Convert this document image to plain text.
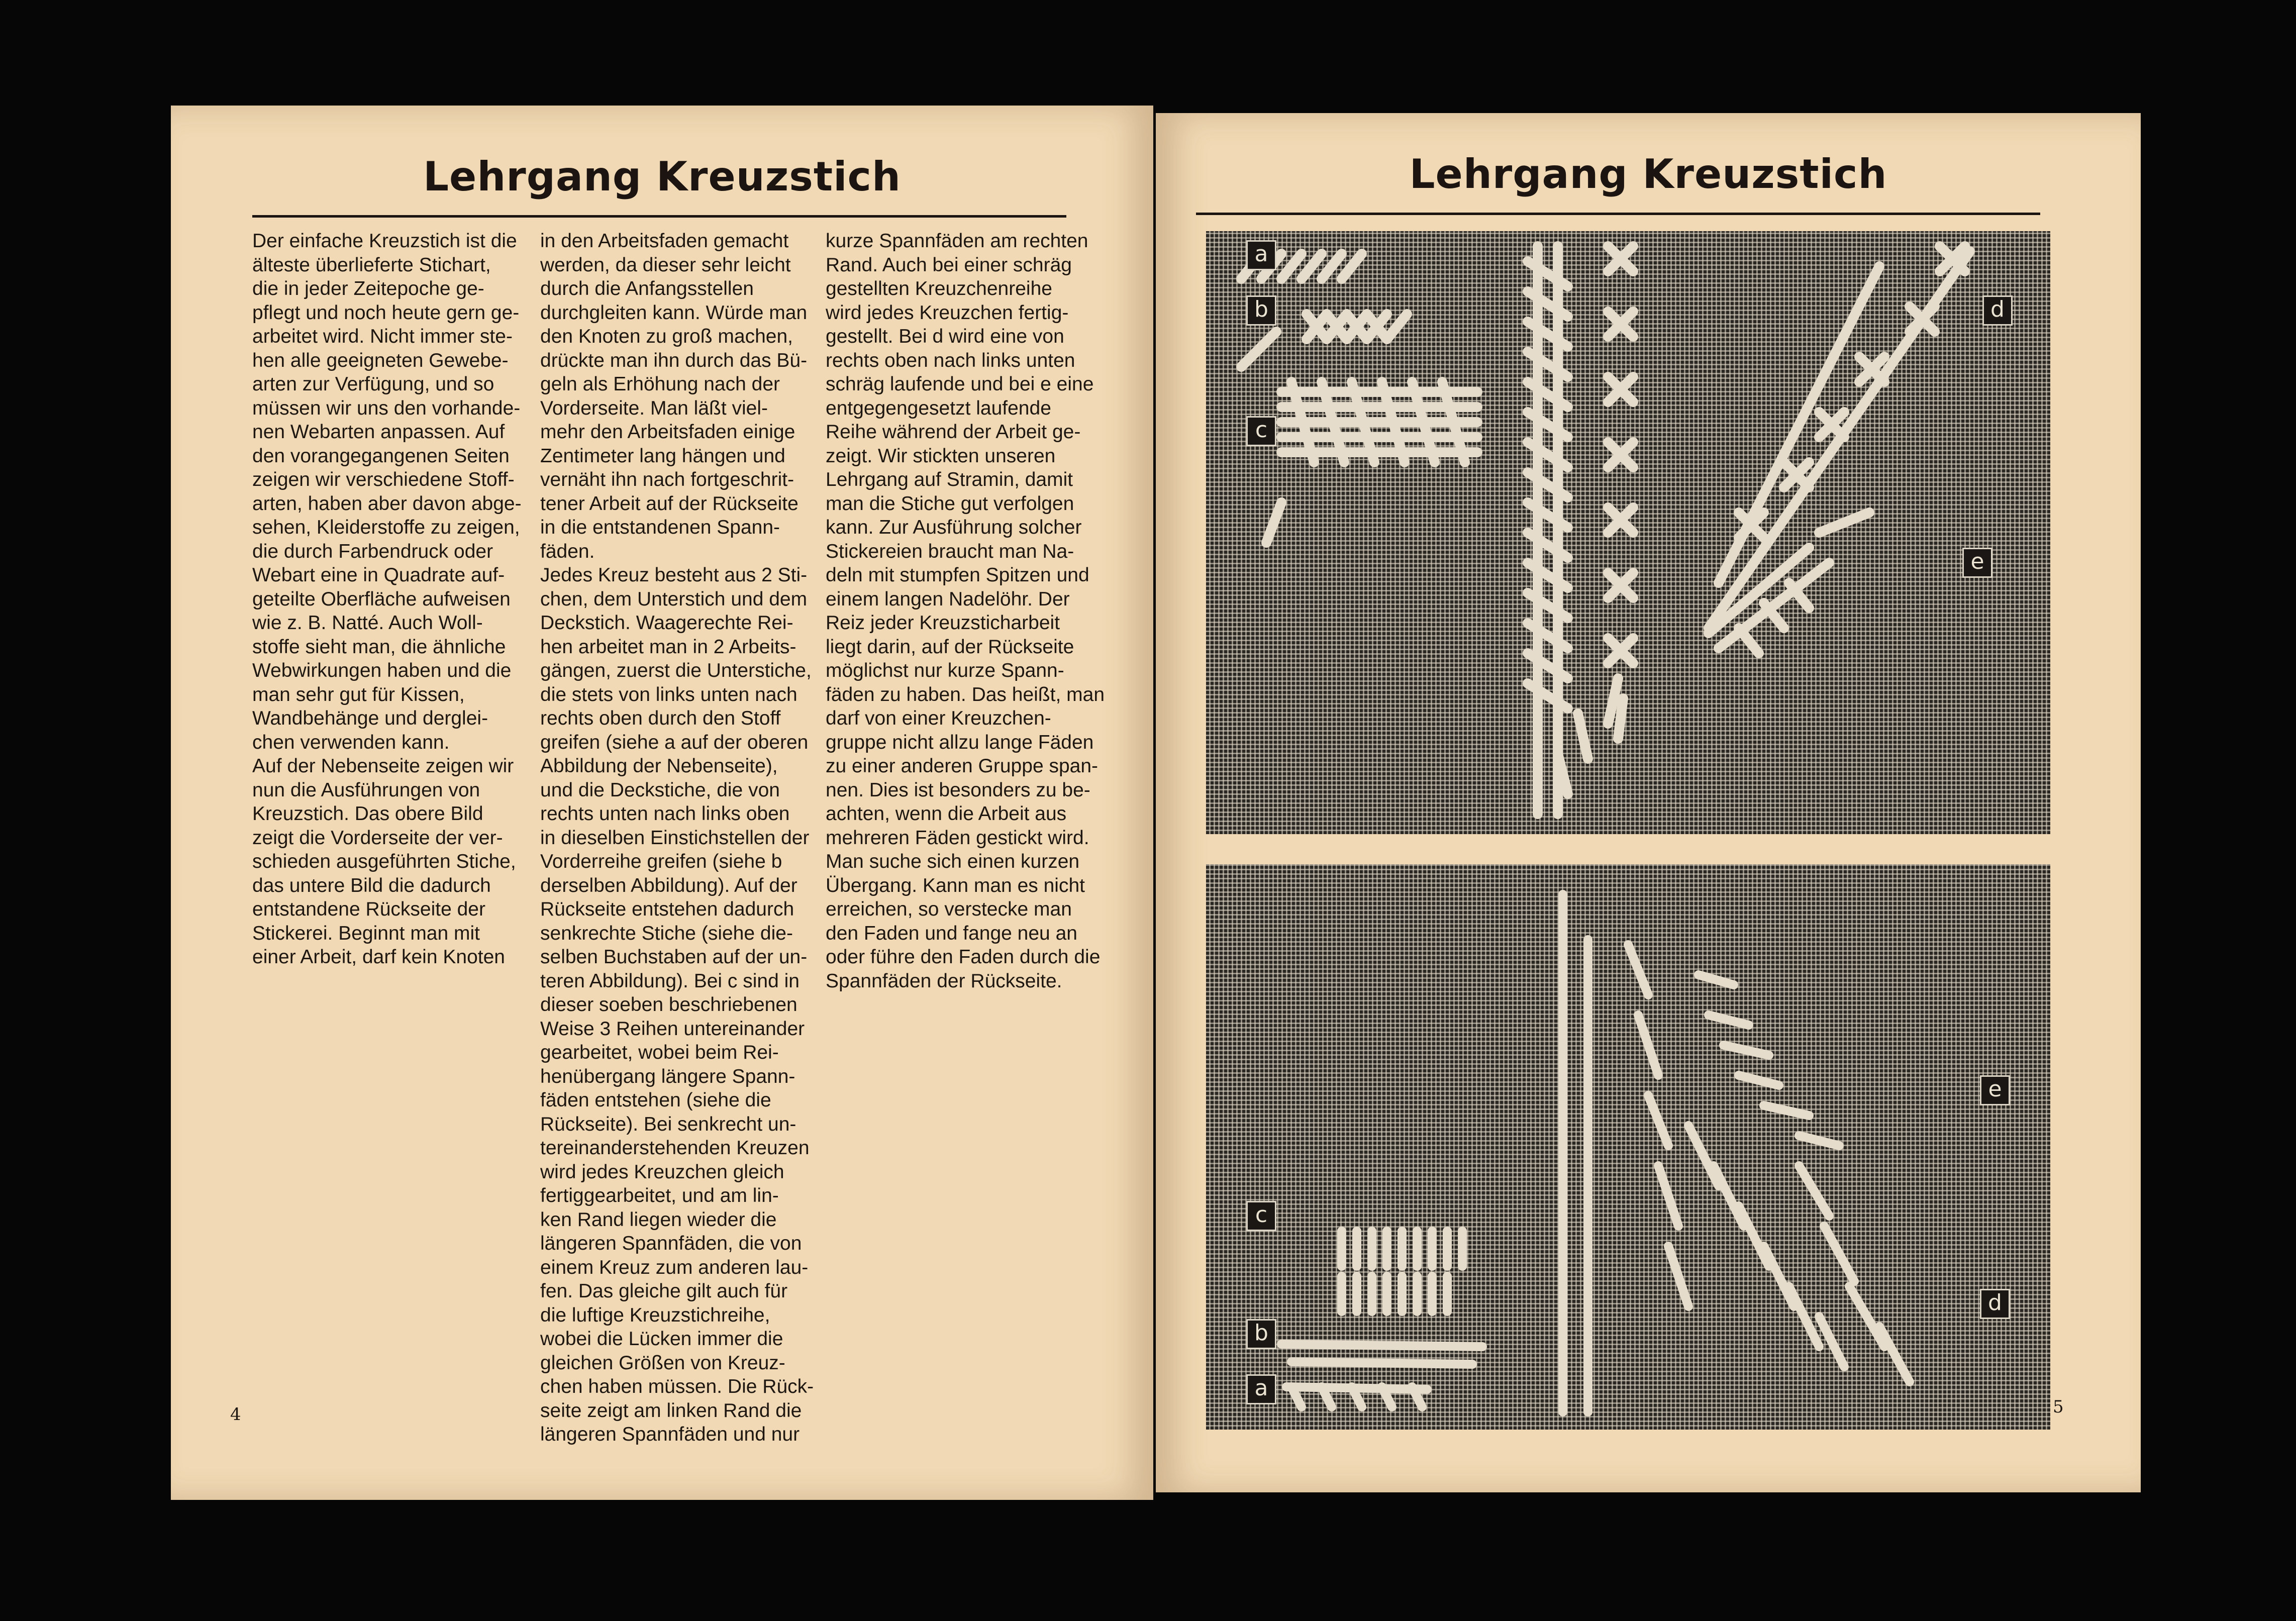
Lehrgang Kreuzstich
Der einfache Kreuzstich ist die
älteste überlieferte Stichart,
die in jeder Zeitepoche ge-
pflegt und noch heute gern ge-
arbeitet wird. Nicht immer ste-
hen alle geeigneten Gewebe-
arten zur Verfügung, und so
müssen wir uns den vorhande-
nen Webarten anpassen. Auf
den vorangegangenen Seiten
zeigen wir verschiedene Stoff-
arten, haben aber davon abge-
sehen, Kleiderstoffe zu zeigen,
die durch Farbendruck oder
Webart eine in Quadrate auf-
geteilte Oberfläche aufweisen
wie z. B. Natté. Auch Woll-
stoffe sieht man, die ähnliche
Webwirkungen haben und die
man sehr gut für Kissen,
Wandbehänge und derglei-
chen verwenden kann.
Auf der Nebenseite zeigen wir
nun die Ausführungen von
Kreuzstich. Das obere Bild
zeigt die Vorderseite der ver-
schieden ausgeführten Stiche,
das untere Bild die dadurch
entstandene Rückseite der
Stickerei. Beginnt man mit
einer Arbeit, darf kein Knoten
in den Arbeitsfaden gemacht
werden, da dieser sehr leicht
durch die Anfangsstellen
durchgleiten kann. Würde man
den Knoten zu groß machen,
drückte man ihn durch das Bü-
geln als Erhöhung nach der
Vorderseite. Man läßt viel-
mehr den Arbeitsfaden einige
Zentimeter lang hängen und
vernäht ihn nach fortgeschrit-
tener Arbeit auf der Rückseite
in die entstandenen Spann-
fäden.
Jedes Kreuz besteht aus 2 Sti-
chen, dem Unterstich und dem
Deckstich. Waagerechte Rei-
hen arbeitet man in 2 Arbeits-
gängen, zuerst die Unterstiche,
die stets von links unten nach
rechts oben durch den Stoff
greifen (siehe a auf der oberen
Abbildung der Nebenseite),
und die Deckstiche, die von
rechts unten nach links oben
in dieselben Einstichstellen der
Vorderreihe greifen (siehe b
derselben Abbildung). Auf der
Rückseite entstehen dadurch
senkrechte Stiche (siehe die-
selben Buchstaben auf der un-
teren Abbildung). Bei c sind in
dieser soeben beschriebenen
Weise 3 Reihen untereinander
gearbeitet, wobei beim Rei-
henübergang längere Spann-
fäden entstehen (siehe die
Rückseite). Bei senkrecht un-
tereinanderstehenden Kreuzen
wird jedes Kreuzchen gleich
fertiggearbeitet, und am lin-
ken Rand liegen wieder die
längeren Spannfäden, die von
einem Kreuz zum anderen lau-
fen. Das gleiche gilt auch für
die luftige Kreuzstichreihe,
wobei die Lücken immer die
gleichen Größen von Kreuz-
chen haben müssen. Die Rück-
seite zeigt am linken Rand die
längeren Spannfäden und nur
kurze Spannfäden am rechten
Rand. Auch bei einer schräg
gestellten Kreuzchenreihe
wird jedes Kreuzchen fertig-
gestellt. Bei d wird eine von
rechts oben nach links unten
schräg laufende und bei e eine
entgegengesetzt laufende
Reihe während der Arbeit ge-
zeigt. Wir stickten unseren
Lehrgang auf Stramin, damit
man die Stiche gut verfolgen
kann. Zur Ausführung solcher
Stickereien braucht man Na-
deln mit stumpfen Spitzen und
einem langen Nadelöhr. Der
Reiz jeder Kreuzsticharbeit
liegt darin, auf der Rückseite
möglichst nur kurze Spann-
fäden zu haben. Das heißt, man
darf von einer Kreuzchen-
gruppe nicht allzu lange Fäden
zu einer anderen Gruppe span-
nen. Dies ist besonders zu be-
achten, wenn die Arbeit aus
mehreren Fäden gestickt wird.
Man suche sich einen kurzen
Übergang. Kann man es nicht
erreichen, so verstecke man
den Faden und fange neu an
oder führe den Faden durch die
Spannfäden der Rückseite.
4
Lehrgang Kreuzstich
a
b
c
d
e
c
b
a
e
d
5
